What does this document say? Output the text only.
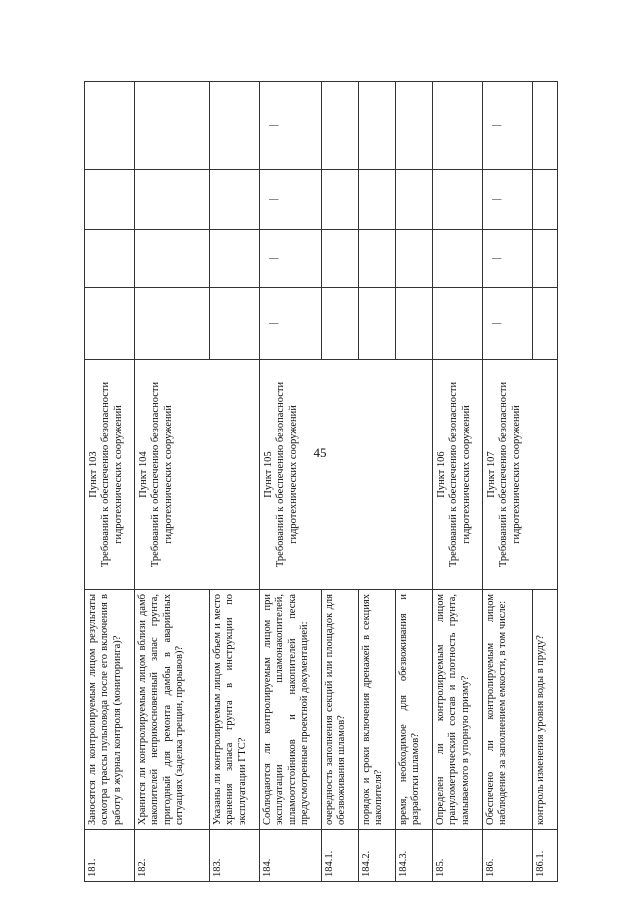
45
181.	Заносятся ли контролируемым лицом результаты осмотра трассы пульповода после его включения в работу в журнал контроля (мониторинга)?	Пункт 103 Требований к обеспечению безопасности гидротехнических сооружений				

182.	Хранится ли контролируемым лицом вблизи дамб накопителей неприкосновенный запас грунта, пригодный для ремонта дамбы в аварийных ситуациях (заделка трещин, прорывов)?	Пункт 104 Требований к обеспечению безопасности гидротехнических сооружений				

183.	Указаны ли контролируемым лицом объем и место хранения запаса грунта в инструкции по эксплуатации ГТС?					
184.	Соблюдаются ли контролируемым лицом при эксплуатации шламонакопителей, шламоотстойников и накопителей песка предусмотренные проектной документацией:	Пункт 105 Требований к обеспечению безопасности гидротехнических сооружений	|	|	|	|
184.1.	очередность заполнения секций или площадок для обезвоживания шламов?					
184.2.	порядок и сроки включения дренажей в секциях накопителя?					
184.3.	время, необходимое для обезвоживания и разработки шламов?					
185.	Определен ли контролируемым лицом гранулометрический состав и плотность грунта, намываемого в упорную призму?	Пункт 106 Требований к обеспечению безопасности гидротехнических сооружений				

186.	Обеспечено ли контролируемым лицом наблюдение за заполнением емкости, в том числе:	Пункт 107 Требований к обеспечению безопасности гидротехнических сооружений	|	|	|	|
186.1.	контроль изменения уровня воды в пруду?					
